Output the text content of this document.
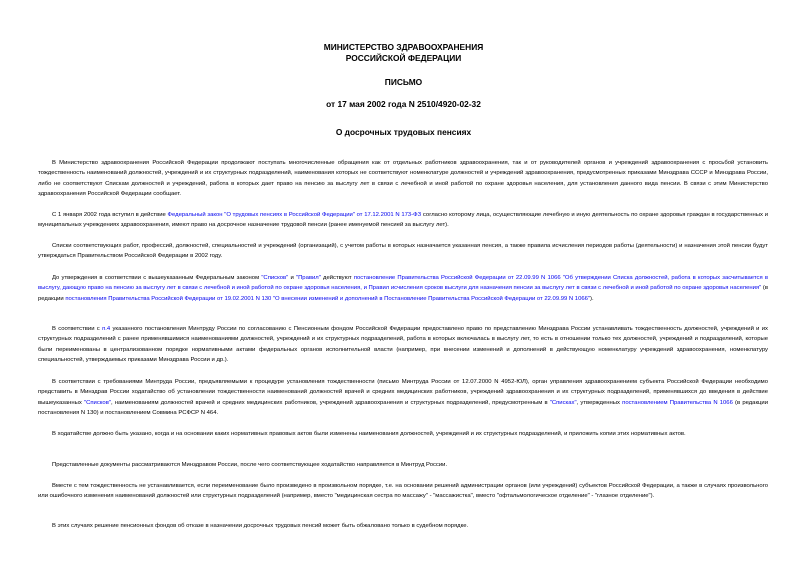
МИНИСТЕРСТВО ЗДРАВООХРАНЕНИЯ
РОССИЙСКОЙ ФЕДЕРАЦИИ
ПИСЬМО
от 17 мая 2002 года N 2510/4920-02-32
О досрочных трудовых пенсиях

В Министерство здравоохранения Российской Федерации продолжают поступать многочисленные обращения как от отдельных работников здравоохранения, так и от руководителей органов и учреждений здравоохранения с просьбой установить тождественность наименований должностей, учреждений и их структурных подразделений, наименования которых не соответствуют номенклатуре должностей и учреждений здравоохранения, предусмотренных приказами Минздрава СССР и Минздрава России, либо не соответствуют Спискам должностей и учреждений, работа в которых дает право на пенсию за выслугу лет в связи с лечебной и иной работой по охране здоровья населения, для установления данного вида пенсии. В связи с этим Министерство здравоохранения Российской Федерации сообщает.

С 1 января 2002 года вступил в действие Федеральный закон "О трудовых пенсиях в Российской Федерации" от 17.12.2001 N 173-ФЗ согласно которому лица, осуществляющие лечебную и иную деятельность по охране здоровья граждан в государственных и муниципальных учреждениях здравоохранения, имеют право на досрочное назначение трудовой пенсии (ранее именуемой пенсией за выслугу лет).

Списки соответствующих работ, профессий, должностей, специальностей и учреждений (организаций), с учетом работы в которых назначается указанная пенсия, а также правила исчисления периодов работы (деятельности) и назначения этой пенсии будут утверждаться Правительством Российской Федерации в 2002 году.

До утверждения в соответствии с вышеуказанным Федеральным законом "Списков" и "Правил" действуют постановление Правительства Российской Федерации от 22.09.99 N 1066 "Об утверждении Списка должностей, работа в которых засчитывается в выслугу, дающую право на пенсию за выслугу лет в связи с лечебной и иной работой по охране здоровья населения, и Правил исчисления сроков выслуги для назначения пенсии за выслугу лет в связи с лечебной и иной работой по охране здоровья населения" (в редакции постановления Правительства Российской Федерации от 19.02.2001 N 130 "О внесении изменений и дополнений в Постановление Правительства Российской Федерации от 22.09.99 N 1066").

В соответствии с п.4 указанного постановления Минтруду России по согласованию с Пенсионным фондом Российской Федерации предоставлено право по представлению Минздрава России устанавливать тождественность должностей, учреждений и их структурных подразделений с ранее применявшимися наименованиями должностей, учреждений и их структурных подразделений, работа в которых включалась в выслугу лет, то есть в отношении только тех должностей, учреждений и подразделений, которые были переименованы в централизованном порядке нормативными актами федеральных органов исполнительной власти (например, при внесении изменений и дополнений в действующую номенклатуру учреждений здравоохранения, номенклатуру специальностей, утверждаемых приказами Минздрава России и др.).

В соответствии с требованиями Минтруда России, предъявляемыми к процедуре установления тождественности (письмо Минтруда России от 12.07.2000 N 4952-ЮЛ), орган управления здравоохранением субъекта Российской Федерации необходимо представить в Минздрав России ходатайство об установлении тождественности наименований должностей врачей и средних медицинских работников, учреждений здравоохранения и их структурных подразделений, применявшихся до введения в действие вышеуказанных "Списков", наименованиям должностей врачей и средних медицинских работников, учреждений здравоохранения и структурных подразделений, предусмотренным в "Списках", утвержденных постановлением Правительства N 1066 (в редакции постановления N 130) и постановлением Совмина РСФСР N 464.

В ходатайстве должно быть указано, когда и на основании каких нормативных правовых актов были изменены наименования должностей, учреждений и их структурных подразделений, и приложить копии этих нормативных актов.

Представленные документы рассматриваются Минздравом России, после чего соответствующее ходатайство направляется в Минтруд России.

Вместе с тем тождественность не устанавливается, если переименование было произведено в произвольном порядке, т.е. на основании решений администрации органов (или учреждений) субъектов Российской Федерации, а также в случаях произвольного или ошибочного изменения наименований должностей или структурных подразделений (например, вместо "медицинская сестра по массажу" - "массажистка", вместо "офтальмологическое отделение" - "глазное отделение").

В этих случаях решение пенсионных фондов об отказе в назначении досрочных трудовых пенсий может быть обжаловано только в судебном порядке.
